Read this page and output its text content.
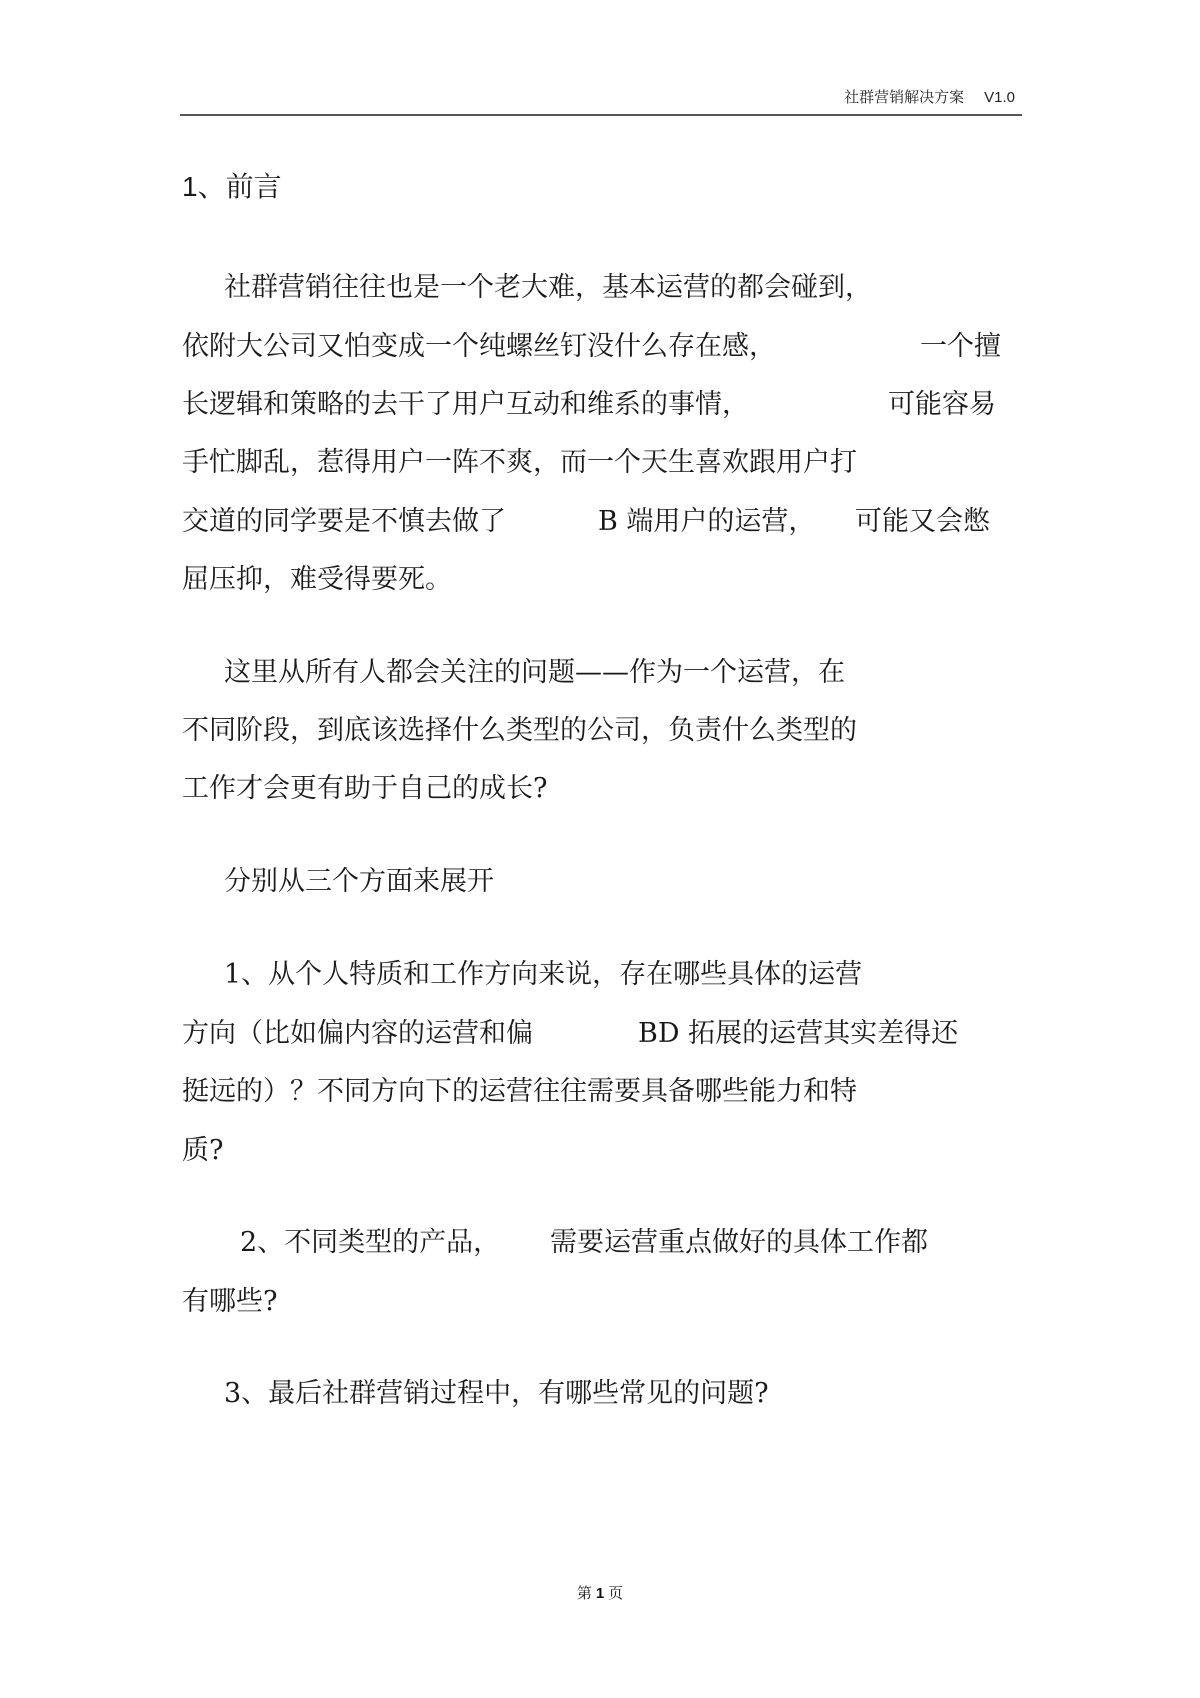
社群营销解决方案 V1.0
1、前言
社群营销往往也是一个老大难，基本运营的都会碰到，
依附大公司又怕变成一个纯螺丝钉没什么存在感，	一个擅
长逻辑和策略的去干了用户互动和维系的事情，	可能容易
手忙脚乱，惹得用户一阵不爽，而一个天生喜欢跟用户打
交道的同学要是不慎去做了	B 端用户的运营， 可能又会憋
屈压抑，难受得要死。
这里从所有人都会关注的问题——作为一个运营，在
不同阶段，到底该选择什么类型的公司，负责什么类型的
工作才会更有助于自己的成长?
分别从三个方面来展开
1、从个人特质和工作方向来说，存在哪些具体的运营
方向（比如偏内容的运营和偏	BD 拓展的运营其实差得还
挺远的）？不同方向下的运营往往需要具备哪些能力和特
质?
2、不同类型的产品， 需要运营重点做好的具体工作都
有哪些?
3、最后社群营销过程中，有哪些常见的问题?
第 1 页
